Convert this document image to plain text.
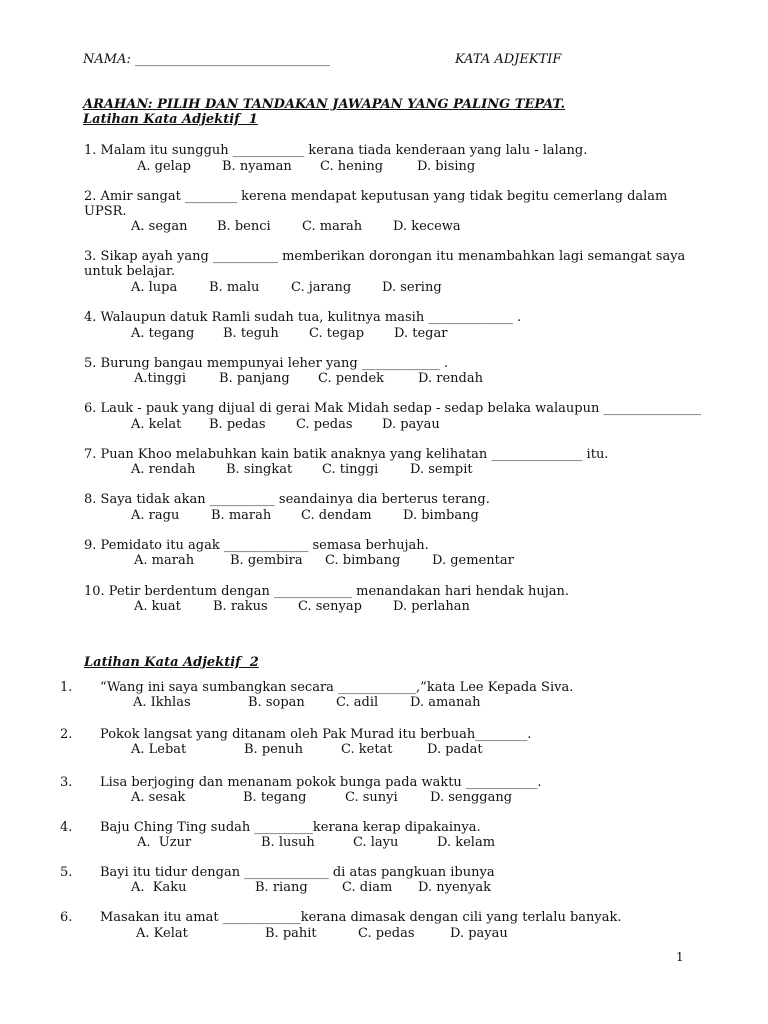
NAMA: ______________________________	KATA ADJEKTIF
ARAHAN: PILIH DAN TANDAKAN JAWAPAN YANG PALING TEPAT.
Latihan Kata Adjektif  1
1. Malam itu sungguh ___________ kerana tiada kenderaan yang lalu - lalang.
A. gelap B. nyaman C. hening	D. bising
2. Amir sangat ________ kerena mendapat keputusan yang tidak begitu cemerlang dalam
UPSR.
A. segan B. benci C. marah D. kecewa
3. Sikap ayah yang __________ memberikan dorongan itu menambahkan lagi semangat saya
untuk belajar.
A. lupa B. malu C. jarang D. sering
4. Walaupun datuk Ramli sudah tua, kulitnya masih _____________ .
A. tegang B. teguh C. tegap D. tegar
5. Burung bangau mempunyai leher yang ____________ .
A.tinggi	B. panjang C. pendek	D. rendah
6. Lauk - pauk yang dijual di gerai Mak Midah sedap - sedap belaka walaupun _______________
A. kelat B. pedas C. pedas D. payau
7. Puan Khoo melabuhkan kain batik anaknya yang kelihatan ______________ itu.
A. rendah B. singkat C. tinggi D. sempit
8. Saya tidak akan __________ seandainya dia berterus terang.
A. ragu B. marah C. dendam D. bimbang
9. Pemidato itu agak _____________ semasa berhujah.
A. marah	B. gembira C. bimbang D. gementar
10. Petir berdentum dengan ____________ menandakan hari hendak hujan.
A. kuat B. rakus C. senyap D. perlahan
Latihan Kata Adjektif  2
1. “Wang ini saya sumbangkan secara ____________,”kata Lee Kepada Siva.
A. Ikhlas	B. sopan C. adil D. amanah
2. Pokok langsat yang ditanam oleh Pak Murad itu berbuah________.
A. Lebat	B. penuh	C. ketat	D. padat
3. Lisa berjoging dan menanam pokok bunga pada waktu ___________.
A. sesak	B. tegang	C. sunyi D. senggang
4. Baju Ching Ting sudah _________kerana kerap dipakainya.
A.  Uzur	B. lusuh	C. layu	D. kelam
5. Bayi itu tidur dengan _____________ di atas pangkuan ibunya
A.  Kaku	B. riang	C. diam D. nyenyak
6. Masakan itu amat ____________kerana dimasak dengan cili yang terlalu banyak.
A. Kelat	B. pahit	C. pedas	D. payau
1
